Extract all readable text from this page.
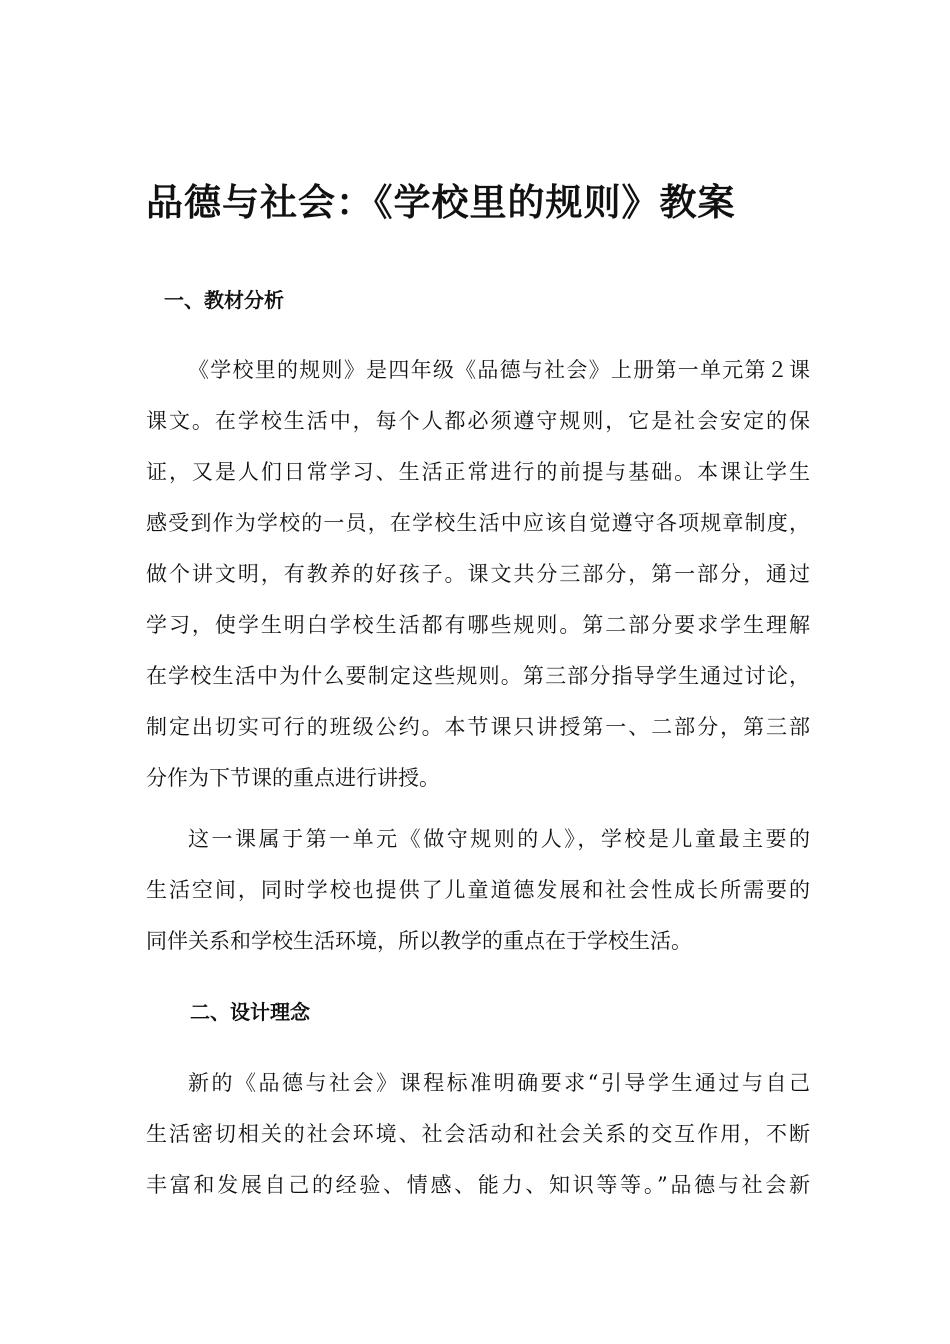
品德与社会：《学校里的规则》教案
一、教材分析
《学校里的规则》是四年级《品德与社会》上册第一单元第２课
课文。在学校生活中，每个人都必须遵守规则，它是社会安定的保
证，又是人们日常学习、生活正常进行的前提与基础。本课让学生
感受到作为学校的一员，在学校生活中应该自觉遵守各项规章制度，
做个讲文明，有教养的好孩子。课文共分三部分，第一部分，通过
学习，使学生明白学校生活都有哪些规则。第二部分要求学生理解
在学校生活中为什么要制定这些规则。第三部分指导学生通过讨论，
制定出切实可行的班级公约。本节课只讲授第一、二部分，第三部
分作为下节课的重点进行讲授。
这一课属于第一单元《做守规则的人》，学校是儿童最主要的
生活空间，同时学校也提供了儿童道德发展和社会性成长所需要的
同伴关系和学校生活环境，所以教学的重点在于学校生活。
二、设计理念
新的《品德与社会》课程标准明确要求“引导学生通过与自己
生活密切相关的社会环境、社会活动和社会关系的交互作用，不断
丰富和发展自己的经验、情感、能力、知识等等。”品德与社会新
